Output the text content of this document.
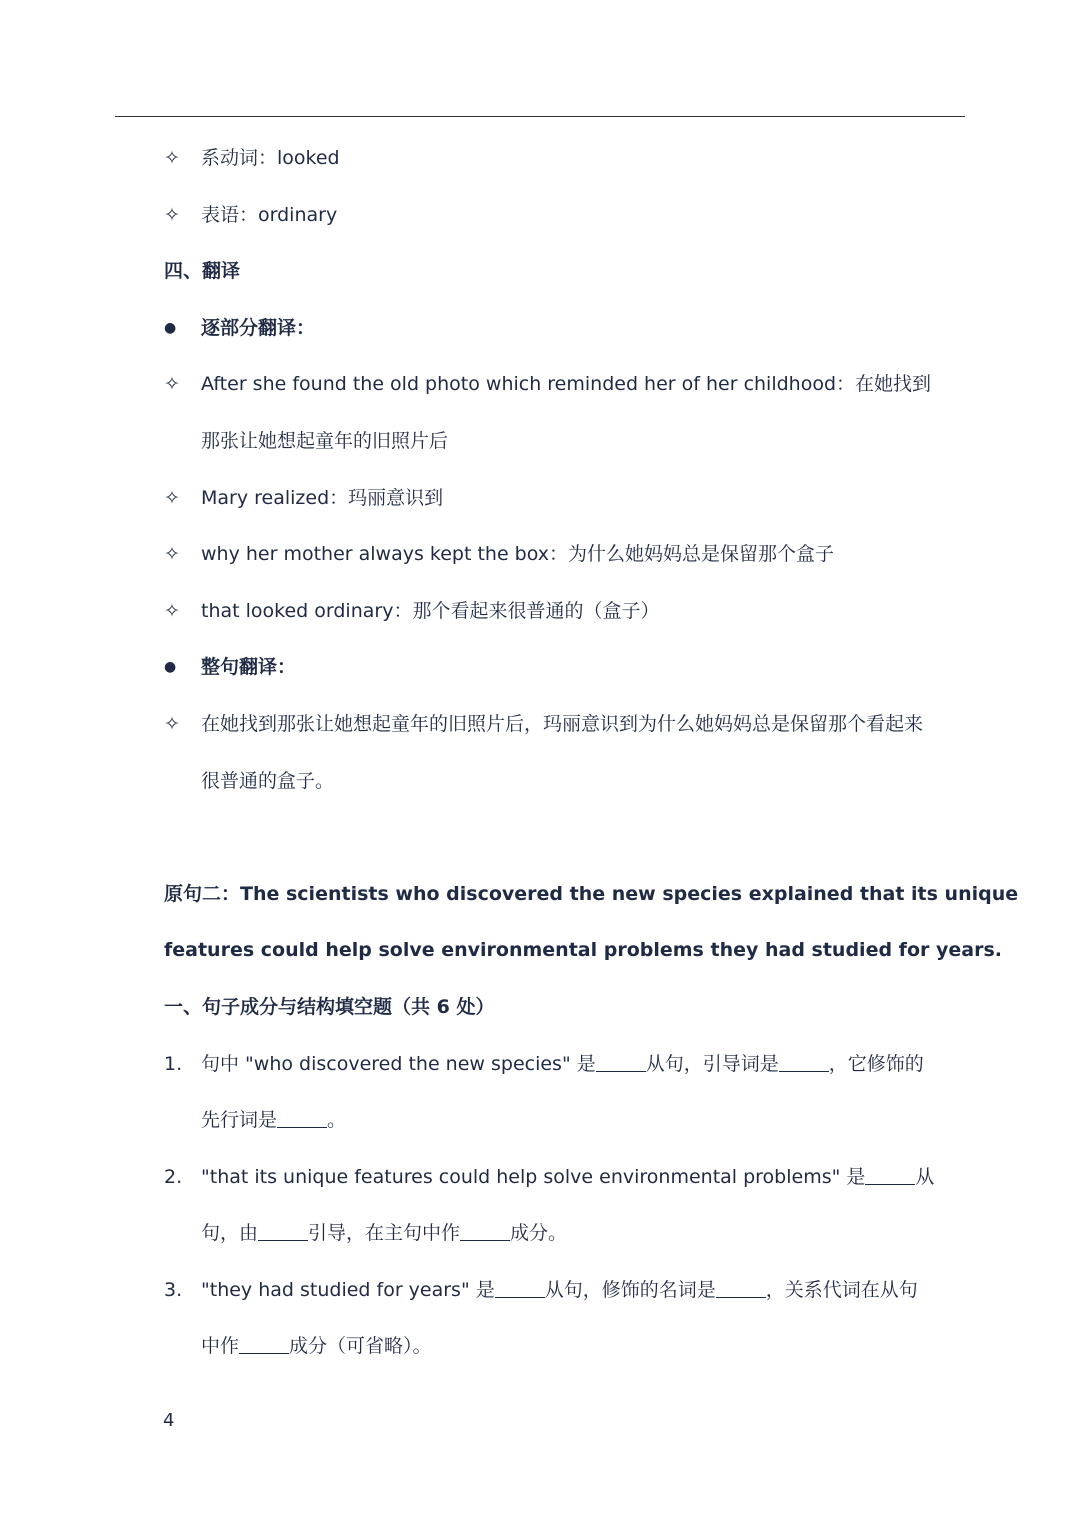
✧	系动词：looked
✧	表语：ordinary
四、翻译
●	逐部分翻译：
✧	After she found the old photo which reminded her of her childhood：在她找到
那张让她想起童年的旧照片后
✧	Mary realized：玛丽意识到
✧	why her mother always kept the box：为什么她妈妈总是保留那个盒子
✧	that looked ordinary：那个看起来很普通的（盒子）
●	整句翻译：
✧	在她找到那张让她想起童年的旧照片后，玛丽意识到为什么她妈妈总是保留那个看起来
很普通的盒子。
原句二：The scientists who discovered the new species explained that its unique
features could help solve environmental problems they had studied for years.
一、句子成分与结构填空题（共 6 处）
1. 句中 "who discovered the new species" 是	从句，引导词是	，它修饰的
先行词是	。
2. "that its unique features could help solve environmental problems" 是	从
句，由	引导，在主句中作	成分。
3. "they had studied for years" 是	从句，修饰的名词是	，关系代词在从句
中作	成分（可省略）。
4
